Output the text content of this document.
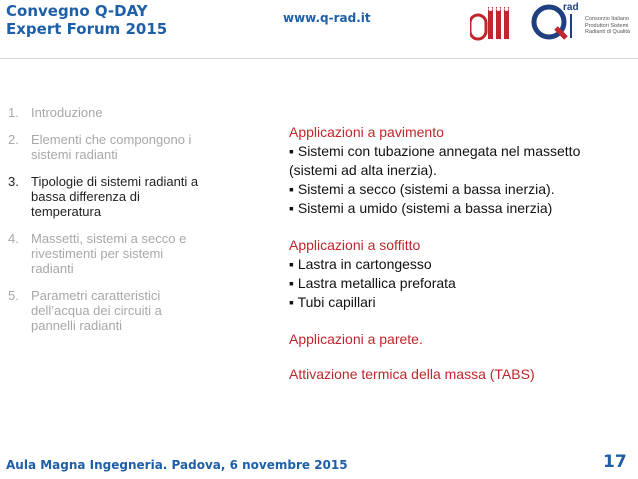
Convegno Q-DAY
Expert Forum 2015
www.q-rad.it
rad
Consorzio Italiano
Produttori Sistemi
Radianti di Qualità
1. Introduzione
2. Elementi che compongono i sistemi radianti
3. Tipologie di sistemi radianti a bassa differenza di temperatura
4. Massetti, sistemi a secco e rivestimenti per sistemi radianti
5. Parametri caratteristici dell’acqua dei circuiti a pannelli radianti
Applicazioni a pavimento
▪ Sistemi con tubazione annegata nel massetto (sistemi ad alta inerzia).
▪ Sistemi a secco (sistemi a bassa inerzia).
▪ Sistemi a umido (sistemi a bassa inerzia)
Applicazioni a soffitto
▪ Lastra in cartongesso
▪ Lastra metallica preforata
▪ Tubi capillari
Applicazioni a parete.
Attivazione termica della massa (TABS)
Aula Magna Ingegneria. Padova, 6 novembre 2015	17
